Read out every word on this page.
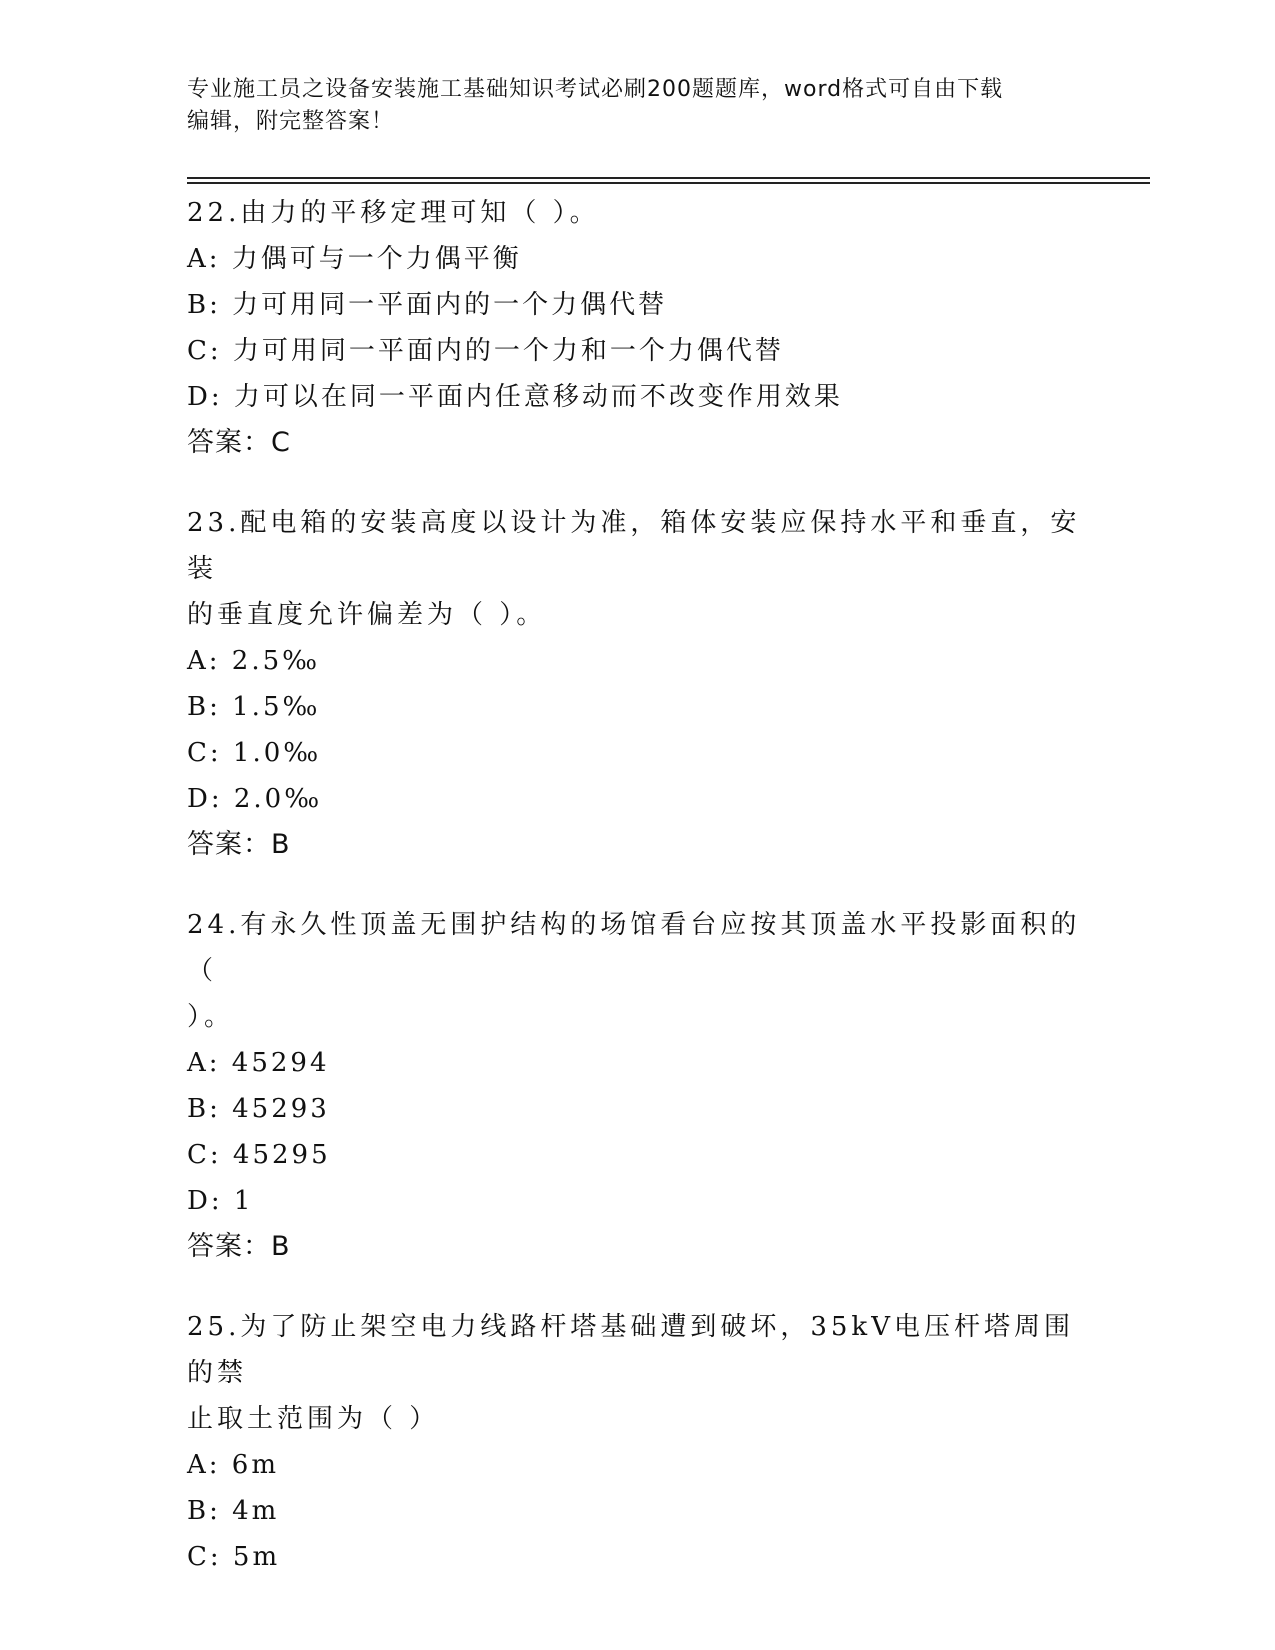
专业施工员之设备安装施工基础知识考试必刷200题题库，word格式可自由下载
编辑，附完整答案！
22.由力的平移定理可知（ ）。
A: 力偶可与一个力偶平衡
B: 力可用同一平面内的一个力偶代替
C: 力可用同一平面内的一个力和一个力偶代替
D: 力可以在同一平面内任意移动而不改变作用效果
答案：C
23.配电箱的安装高度以设计为准，箱体安装应保持水平和垂直，安装
的垂直度允许偏差为（ ）。
A: 2.5‰
B: 1.5‰
C: 1.0‰
D: 2.0‰
答案：B
24.有永久性顶盖无围护结构的场馆看台应按其顶盖水平投影面积的（
）。
A: 45294
B: 45293
C: 45295
D: 1
答案：B
25.为了防止架空电力线路杆塔基础遭到破坏，35kV电压杆塔周围的禁
止取土范围为（ ）
A: 6m
B: 4m
C: 5m
